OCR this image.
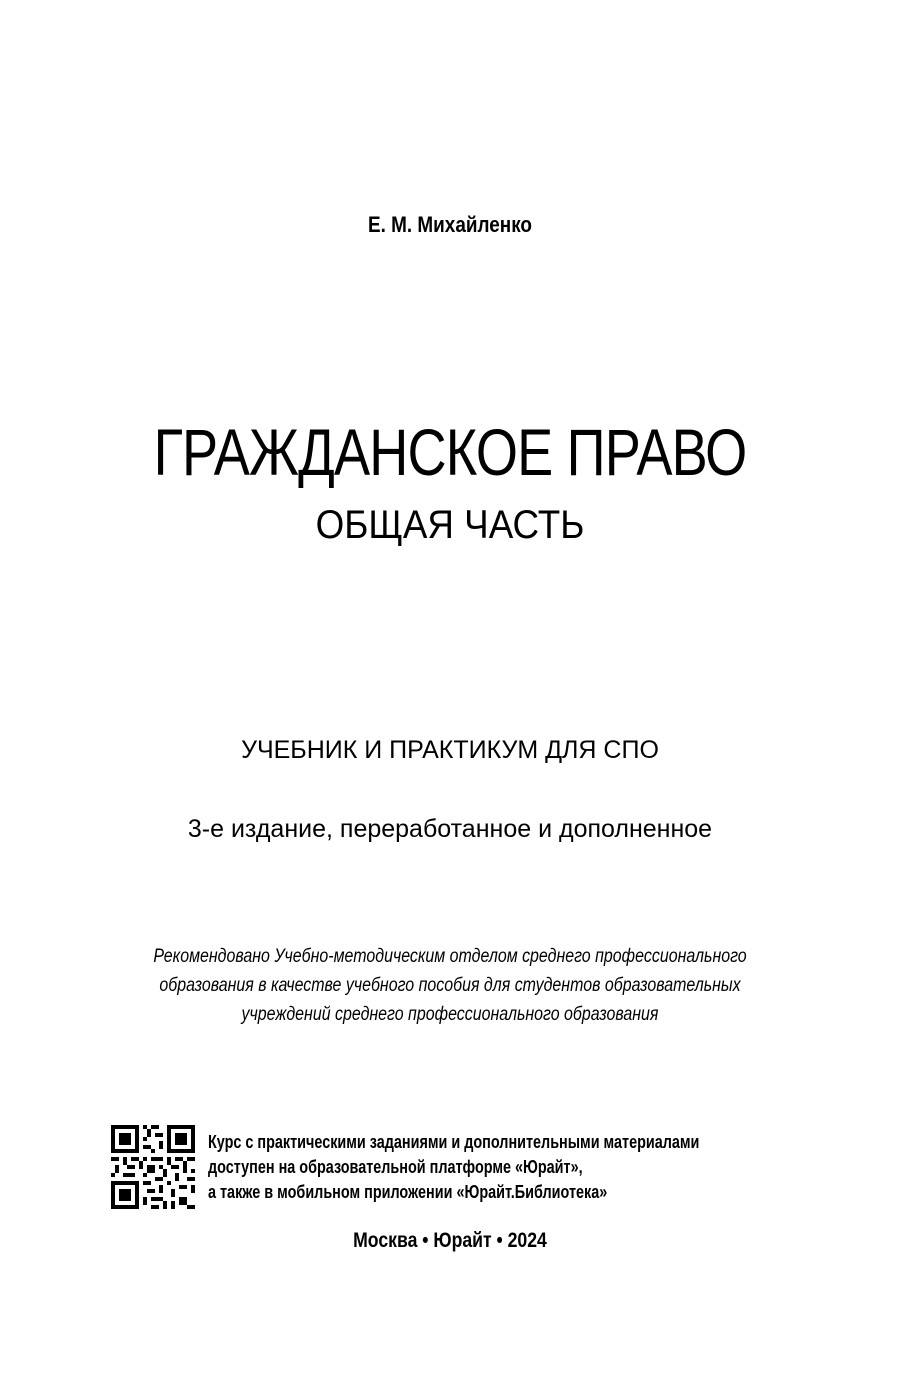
Е. М. Михайленко
ГРАЖДАНСКОЕ ПРАВО
ОБЩАЯ ЧАСТЬ
УЧЕБНИК И ПРАКТИКУМ ДЛЯ СПО
3-е издание, переработанное и дополненное
Рекомендовано Учебно-методическим отделом среднего профессионального
образования в качестве учебного пособия для студентов образовательных
учреждений среднего профессионального образования
Курс с практическими заданиями и дополнительными материалами
доступен на образовательной платформе «Юрайт»,
а также в мобильном приложении «Юрайт.Библиотека»
Москва • Юрайт • 2024
